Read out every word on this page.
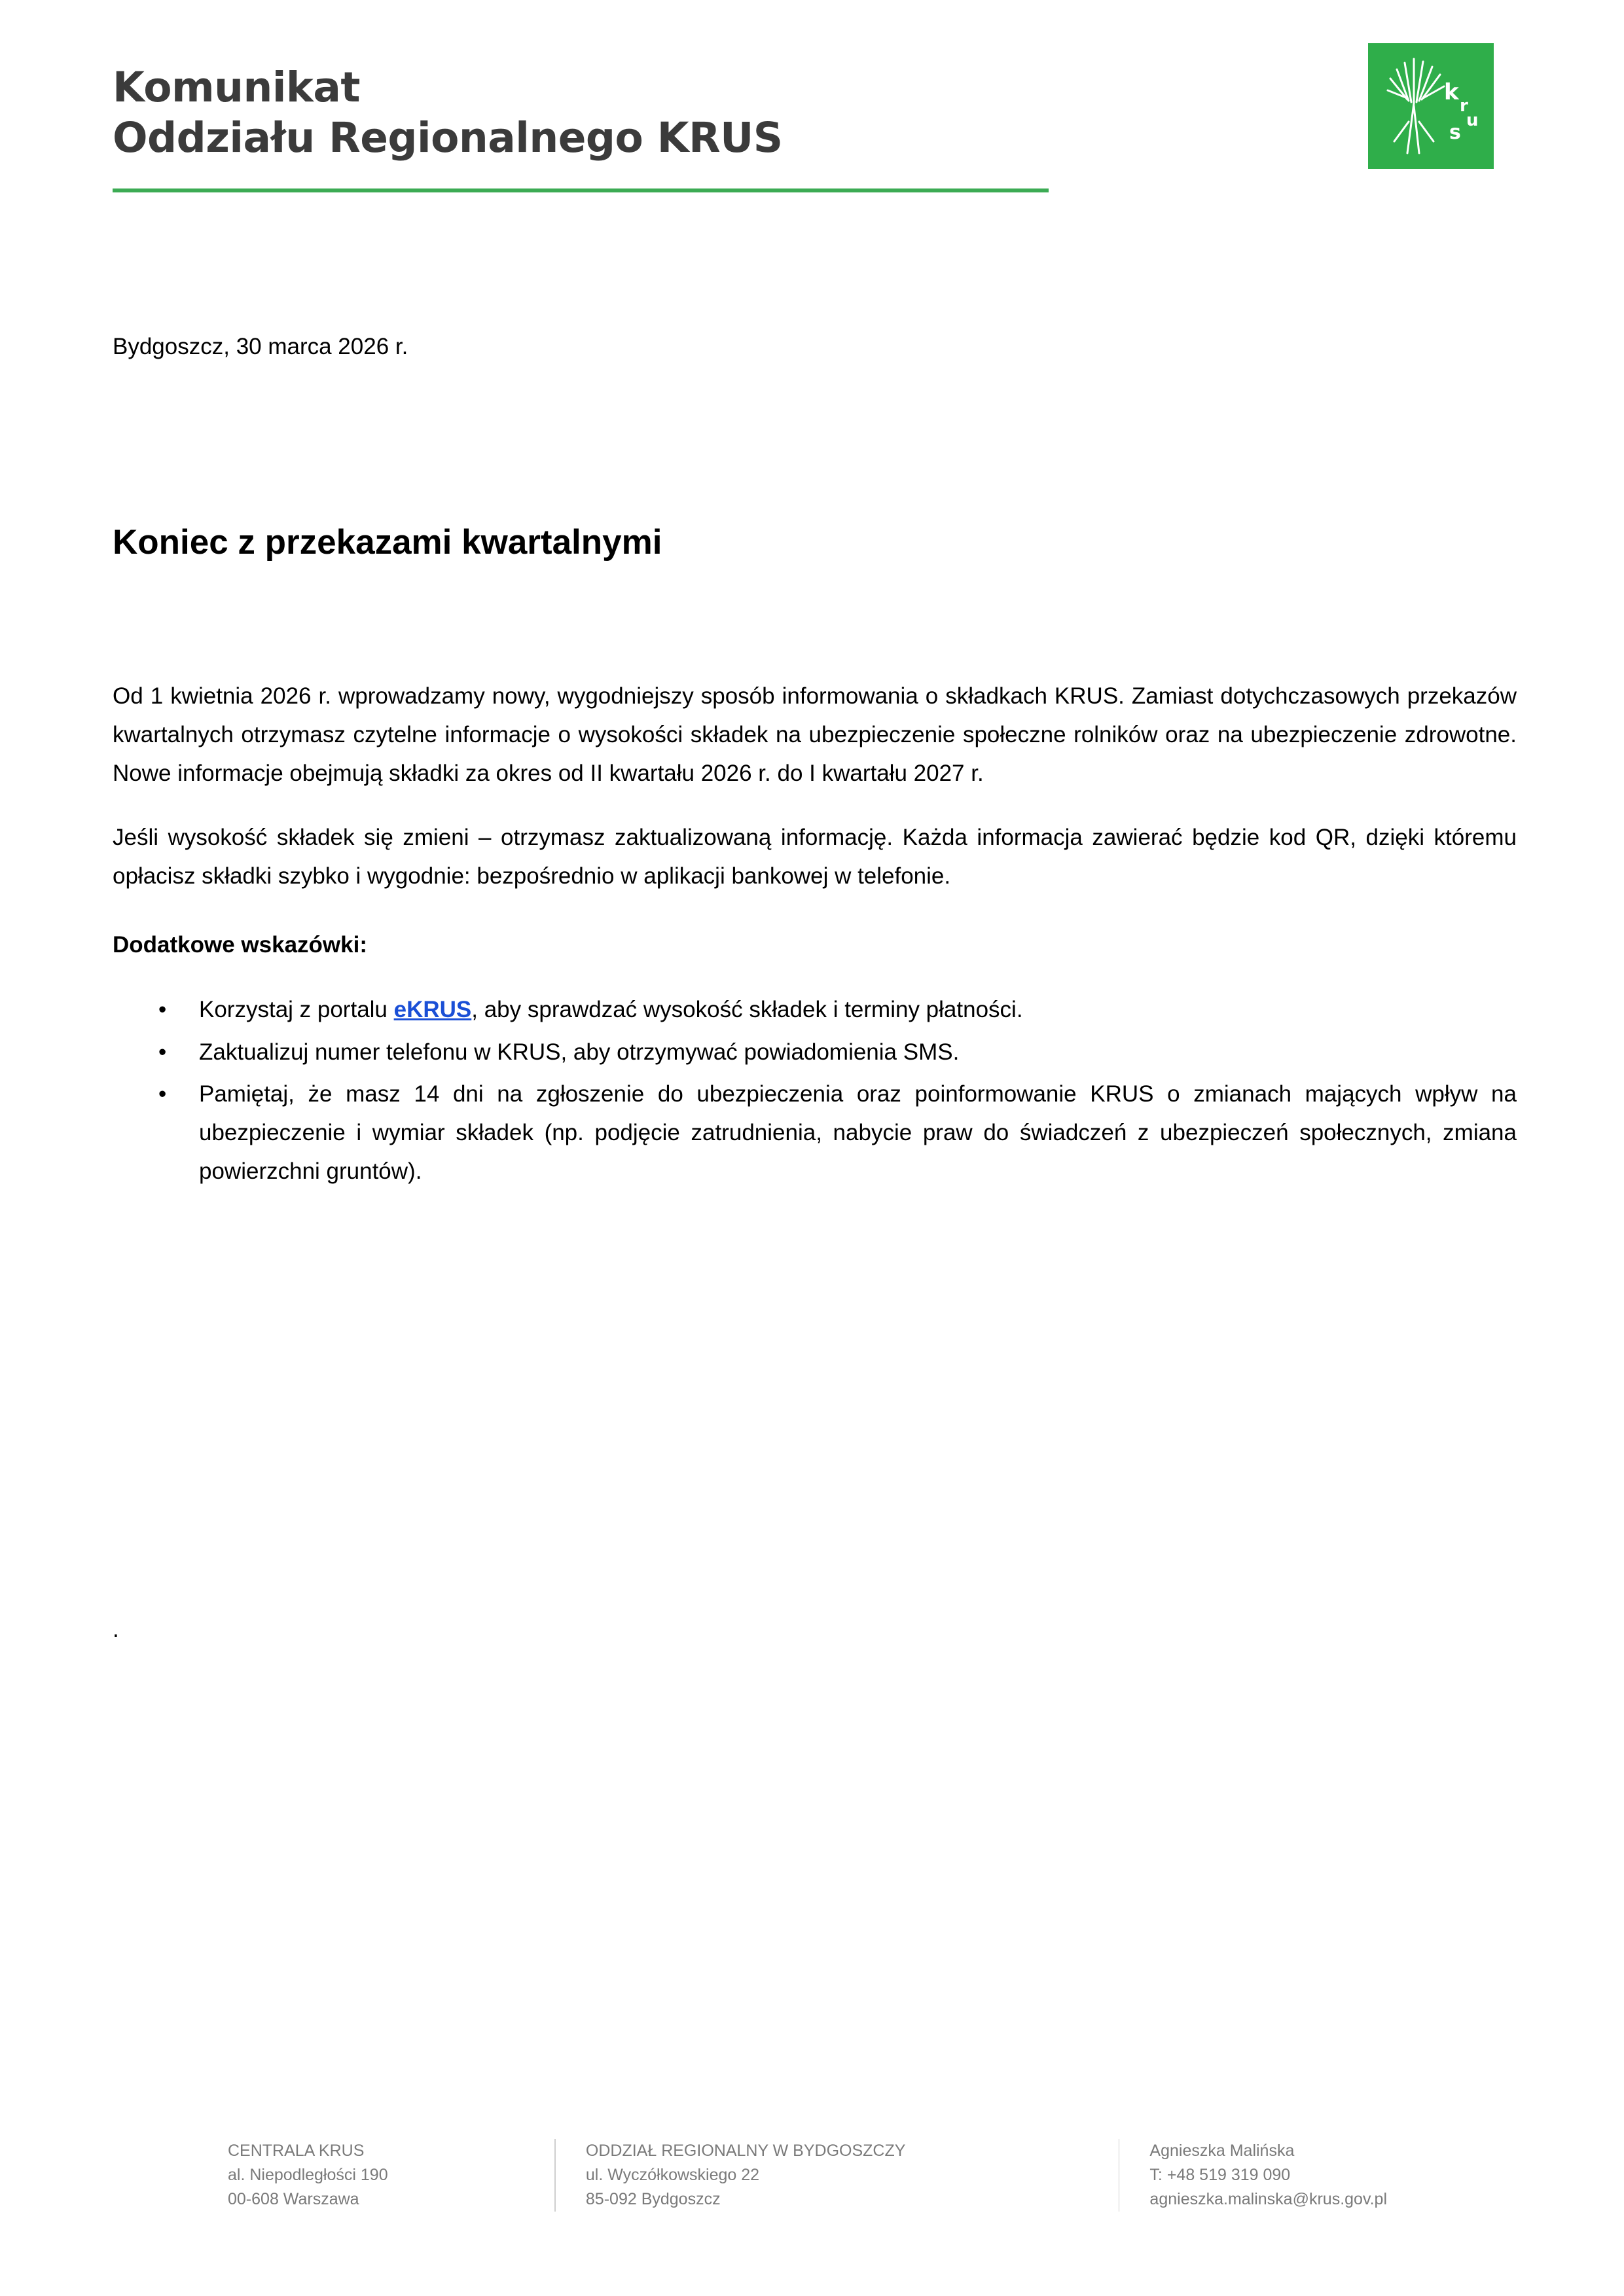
Komunikat
Oddziału Regionalnego KRUS
k
r
u
s
Bydgoszcz, 30 marca 2026 r.
Koniec z przekazami kwartalnymi

Od 1 kwietnia 2026 r. wprowadzamy nowy, wygodniejszy sposób informowania o składkach KRUS. Zamiast dotychczasowych przekazów kwartalnych otrzymasz czytelne informacje o wysokości składek na ubezpieczenie społeczne rolników oraz na ubezpieczenie zdrowotne. Nowe informacje obejmują składki za okres od II kwartału 2026 r. do I kwartału 2027 r.

Jeśli wysokość składek się zmieni – otrzymasz zaktualizowaną informację. Każda informacja zawierać będzie kod QR, dzięki któremu opłacisz składki szybko i wygodnie: bezpośrednio w aplikacji bankowej w telefonie.

Dodatkowe wskazówki:

• Korzystaj z portalu eKRUS, aby sprawdzać wysokość składek i terminy płatności.
• Zaktualizuj numer telefonu w KRUS, aby otrzymywać powiadomienia SMS.
• Pamiętaj, że masz 14 dni na zgłoszenie do ubezpieczenia oraz poinformowanie KRUS o zmianach mających wpływ na ubezpieczenie i wymiar składek (np. podjęcie zatrudnienia, nabycie praw do świadczeń z ubezpieczeń społecznych, zmiana powierzchni gruntów).
.
CENTRALA KRUS
al. Niepodległości 190
00-608 Warszawa
ODDZIAŁ REGIONALNY W BYDGOSZCZY
ul. Wyczółkowskiego 22
85-092 Bydgoszcz
Agnieszka Malińska
T: +48 519 319 090
agnieszka.malinska@krus.gov.pl
